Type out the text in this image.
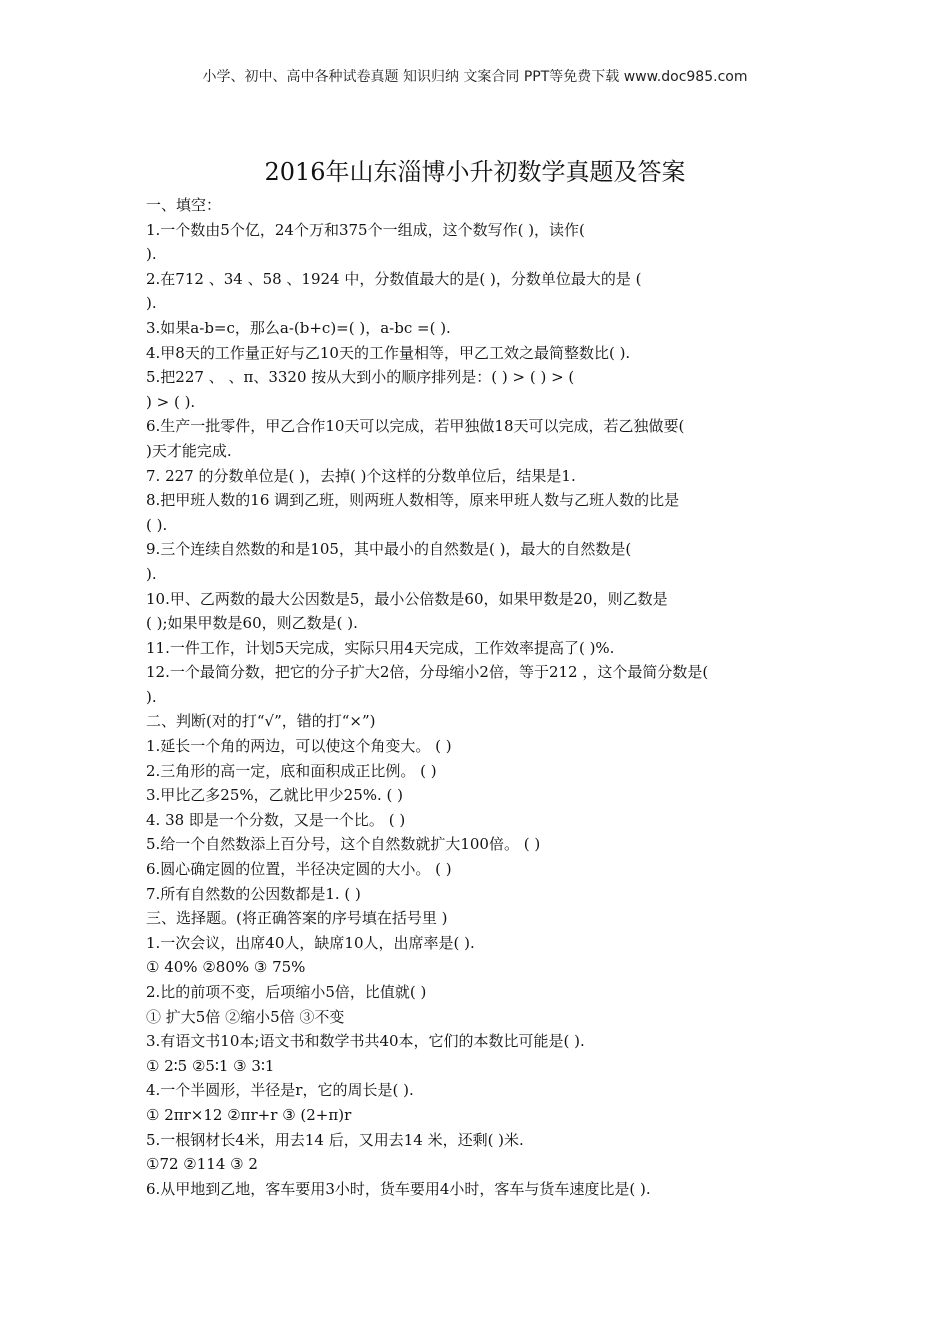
小学、初中、高中各种试卷真题 知识归纳 文案合同 PPT等免费下载 www.doc985.com
2016年山东淄博小升初数学真题及答案
一、填空：
1.一个数由5个亿，24个万和375个一组成，这个数写作( )，读作(
).
2.在712 、34 、58 、1924 中，分数值最大的是( )，分数单位最大的是 (
).
3.如果a-b=c，那么a-(b+c)=( )，a-bc =( ).
4.甲8天的工作量正好与乙10天的工作量相等，甲乙工效之最简整数比( ).
5.把227 、 、π、3320 按从大到小的顺序排列是：( ) > ( ) > (
) > ( ).
6.生产一批零件，甲乙合作10天可以完成，若甲独做18天可以完成，若乙独做要(
)天才能完成.
7. 227 的分数单位是( )，去掉( )个这样的分数单位后，结果是1.
8.把甲班人数的16 调到乙班，则两班人数相等，原来甲班人数与乙班人数的比是
( ).
9.三个连续自然数的和是105，其中最小的自然数是( )，最大的自然数是(
).
10.甲、乙两数的最大公因数是5，最小公倍数是60，如果甲数是20，则乙数是
( );如果甲数是60，则乙数是( ).
11.一件工作，计划5天完成，实际只用4天完成，工作效率提高了( )%.
12.一个最简分数，把它的分子扩大2倍，分母缩小2倍，等于212 ，这个最简分数是(
).
二、判断(对的打“√”，错的打“×”)
1.延长一个角的两边，可以使这个角变大。 ( )
2.三角形的高一定，底和面积成正比例。 ( )
3.甲比乙多25%，乙就比甲少25%. ( )
4. 38 即是一个分数，又是一个比。 ( )
5.给一个自然数添上百分号，这个自然数就扩大100倍。 ( )
6.圆心确定圆的位置，半径决定圆的大小。 ( )
7.所有自然数的公因数都是1. ( )
三、选择题。(将正确答案的序号填在括号里 )
1.一次会议，出席40人，缺席10人，出席率是( ).
① 40% ②80% ③ 75%
2.比的前项不变，后项缩小5倍，比值就( )
① 扩大5倍 ②缩小5倍 ③不变
3.有语文书10本;语文书和数学书共40本，它们的本数比可能是( ).
① 2∶5 ②5∶1 ③ 3∶1
4.一个半圆形，半径是r，它的周长是( ).
① 2πr×12 ②πr+r ③ (2+π)r
5.一根钢材长4米，用去14 后，又用去14 米，还剩( )米.
①72 ②114 ③ 2
6.从甲地到乙地，客车要用3小时，货车要用4小时，客车与货车速度比是( ).
